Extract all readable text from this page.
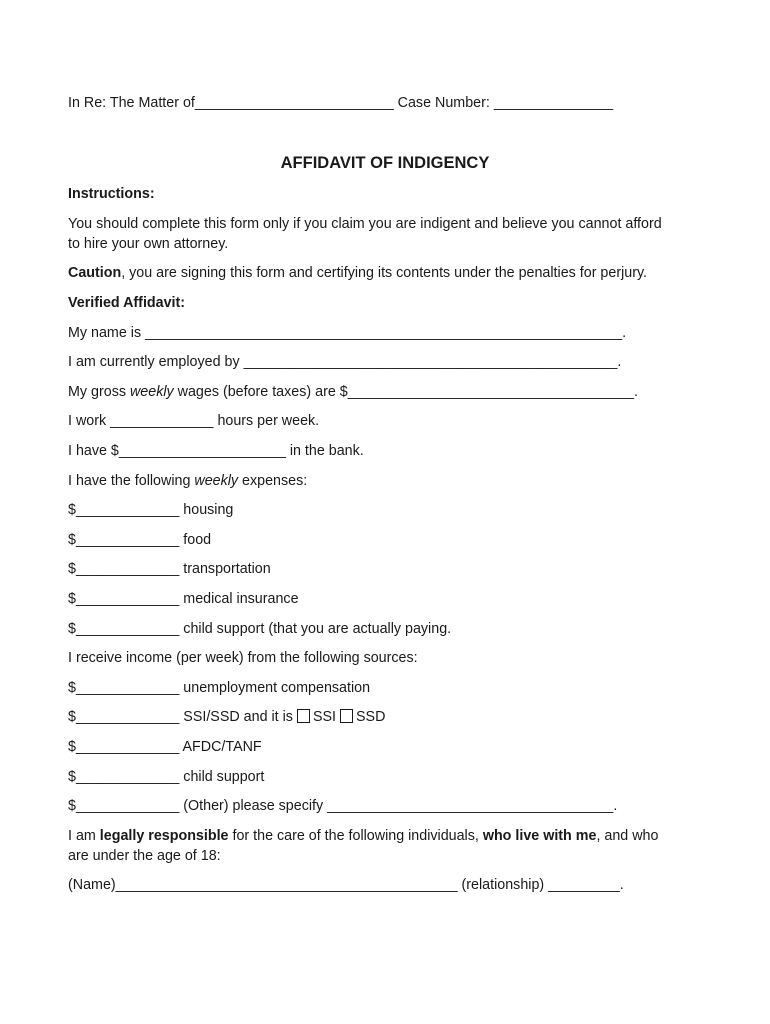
In Re: The Matter of_________________________ Case Number: _______________
AFFIDAVIT OF INDIGENCY
Instructions:
You should complete this form only if you claim you are indigent and believe you cannot afford
to hire your own attorney.
Caution, you are signing this form and certifying its contents under the penalties for perjury.
Verified Affidavit:
My name is ____________________________________________________________.
I am currently employed by _______________________________________________.
My gross weekly wages (before taxes) are $____________________________________.
I work _____________ hours per week.
I have $_____________________ in the bank.
I have the following weekly expenses:
$_____________ housing
$_____________ food
$_____________ transportation
$_____________ medical insurance
$_____________ child support (that you are actually paying.
I receive income (per week) from the following sources:
$_____________ unemployment compensation
$_____________ SSI/SSD and it is SSI SSD
$_____________ AFDC/TANF
$_____________ child support
$_____________ (Other) please specify ____________________________________.
I am legally responsible for the care of the following individuals, who live with me, and who
are under the age of 18:
(Name)___________________________________________ (relationship) _________.
